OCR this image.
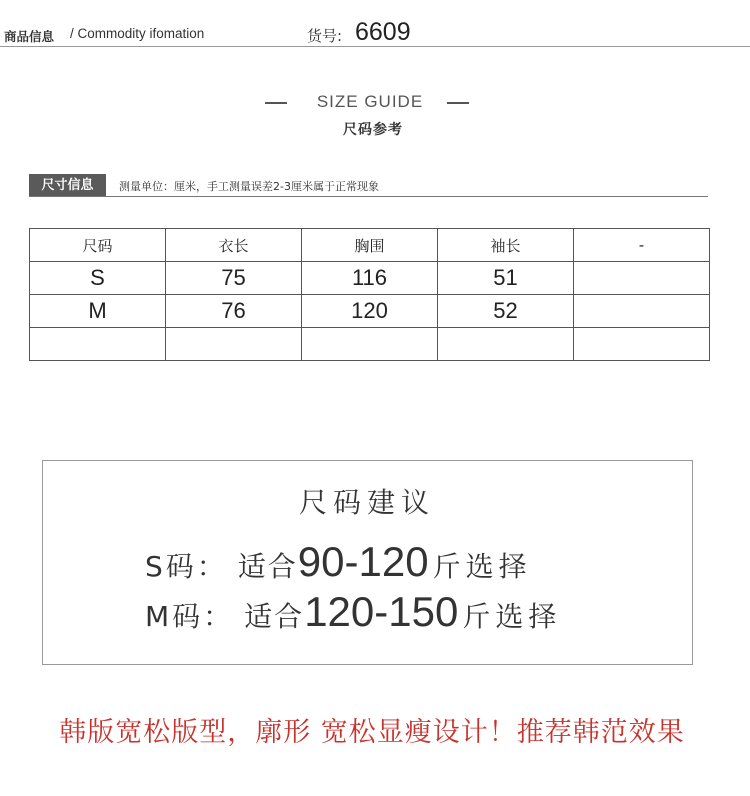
商品信息 / Commodity ifomation	货号: 6609
SIZE GUIDE
尺码参考
尺寸信息	测量单位：厘米，手工测量误差2-3厘米属于正常现象
尺码	衣长	胸围	袖长	-
S	75	116	51	
M	76	120	52	

尺码建议
S码： 适合90-120 斤选择
M码： 适合120-150 斤选择
韩版宽松版型，廓形 宽松显瘦设计！推荐韩范效果
